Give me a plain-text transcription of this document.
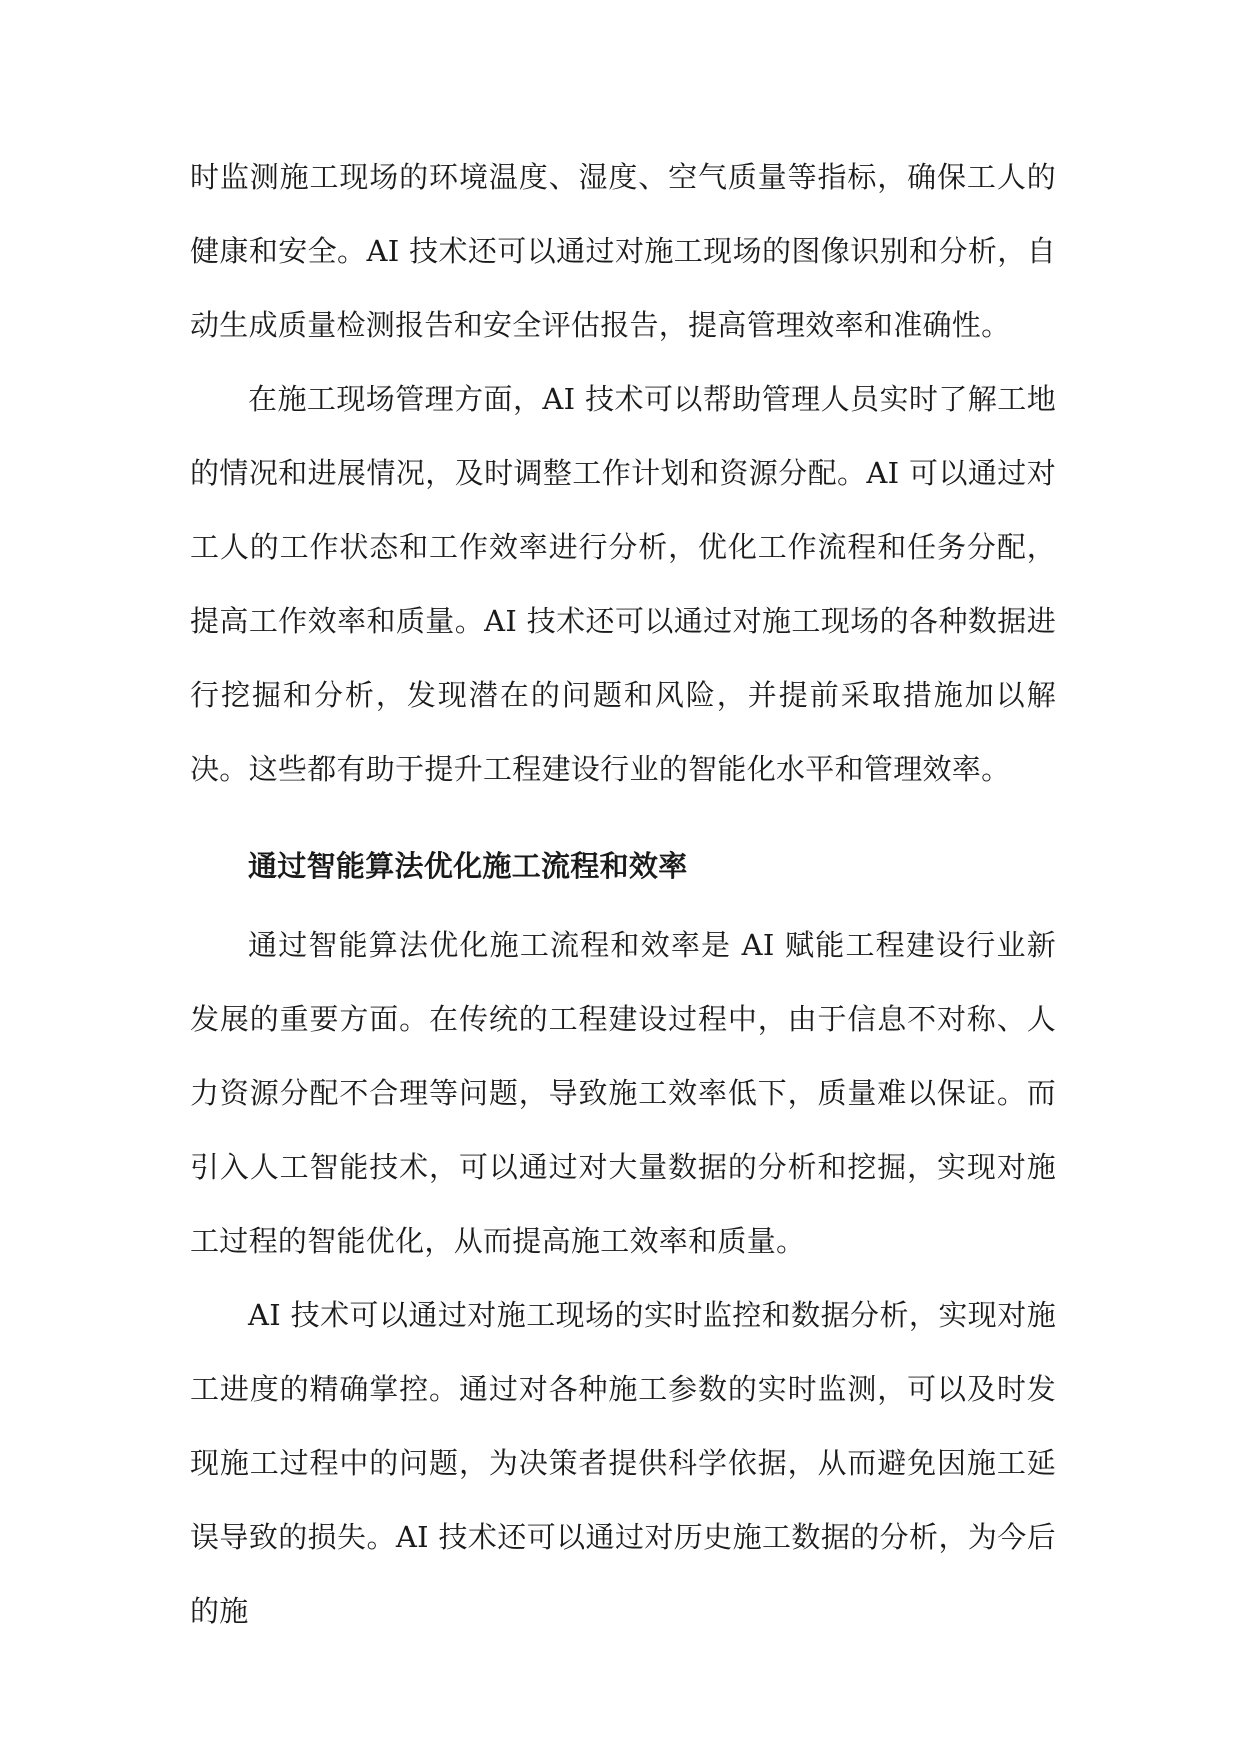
时监测施工现场的环境温度、湿度、空气质量等指标，确保工人的健康和安全。AI 技术还可以通过对施工现场的图像识别和分析，自动生成质量检测报告和安全评估报告，提高管理效率和准确性。

在施工现场管理方面，AI 技术可以帮助管理人员实时了解工地的情况和进展情况，及时调整工作计划和资源分配。AI 可以通过对工人的工作状态和工作效率进行分析，优化工作流程和任务分配，提高工作效率和质量。AI 技术还可以通过对施工现场的各种数据进行挖掘和分析，发现潜在的问题和风险，并提前采取措施加以解决。这些都有助于提升工程建设行业的智能化水平和管理效率。

通过智能算法优化施工流程和效率

通过智能算法优化施工流程和效率是 AI 赋能工程建设行业新发展的重要方面。在传统的工程建设过程中，由于信息不对称、人力资源分配不合理等问题，导致施工效率低下，质量难以保证。而引入人工智能技术，可以通过对大量数据的分析和挖掘，实现对施工过程的智能优化，从而提高施工效率和质量。

AI 技术可以通过对施工现场的实时监控和数据分析，实现对施工进度的精确掌控。通过对各种施工参数的实时监测，可以及时发现施工过程中的问题，为决策者提供科学依据，从而避免因施工延误导致的损失。AI 技术还可以通过对历史施工数据的分析，为今后的施
